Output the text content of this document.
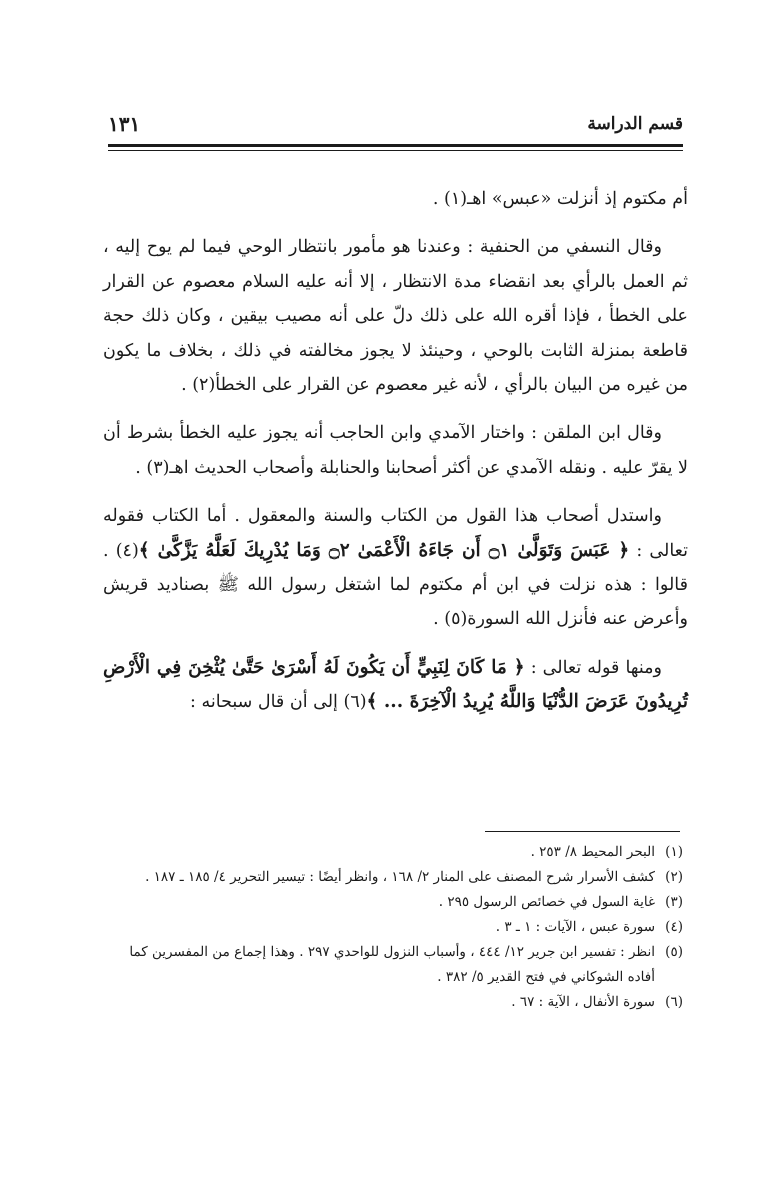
قسم الدراسة
١٣١

أم مكتوم إذ أنزلت «عبس» اهـ(١) .

وقال النسفي من الحنفية : وعندنا هو مأمور بانتظار الوحي فيما لم يوح إليه ، ثم العمل بالرأي بعد انقضاء مدة الانتظار ، إلا أنه عليه السلام معصوم عن القرار على الخطأ ، فإذا أقره الله على ذلك دلّ على أنه مصيب بيقين ، وكان ذلك حجة قاطعة بمنزلة الثابت بالوحي ، وحينئذ لا يجوز مخالفته في ذلك ، بخلاف ما يكون من غيره من البيان بالرأي ، لأنه غير معصوم عن القرار على الخطأ(٢) .

وقال ابن الملقن : واختار الآمدي وابن الحاجب أنه يجوز عليه الخطأ بشرط أن لا يقرّ عليه . ونقله الآمدي عن أكثر أصحابنا والحنابلة وأصحاب الحديث اهـ(٣) .

واستدل أصحاب هذا القول من الكتاب والسنة والمعقول . أما الكتاب فقوله تعالى : ﴿ عَبَسَ وَتَوَلَّىٰ ۝١ أَن جَاءَهُ الْأَعْمَىٰ ۝٢ وَمَا يُدْرِيكَ لَعَلَّهُ يَزَّكَّىٰ ﴾(٤) . قالوا : هذه نزلت في ابن أم مكتوم لما اشتغل رسول الله ﷺ بصناديد قريش وأعرض عنه فأنزل الله السورة(٥) .

ومنها قوله تعالى : ﴿ مَا كَانَ لِنَبِيٍّ أَن يَكُونَ لَهُ أَسْرَىٰ حَتَّىٰ يُثْخِنَ فِي الْأَرْضِ تُرِيدُونَ عَرَضَ الدُّنْيَا وَاللَّهُ يُرِيدُ الْآخِرَةَ ... ﴾(٦) إلى أن قال سبحانه :

(١)
البحر المحيط ٨/ ٢٥٣ .
(٢)
كشف الأسرار شرح المصنف على المنار ٢/ ١٦٨ ، وانظر أيضًا : تيسير التحرير ٤/ ١٨٥ ـ ١٨٧ .
(٣)
غاية السول في خصائص الرسول ٢٩٥ .
(٤)
سورة عبس ، الآيات : ١ ـ ٣ .
(٥)
انظر : تفسير ابن جرير ١٢/ ٤٤٤ ، وأسباب النزول للواحدي ٢٩٧ . وهذا إجماع من المفسرين كما أفاده الشوكاني في فتح القدير ٥/ ٣٨٢ .
(٦)
سورة الأنفال ، الآية : ٦٧ .
